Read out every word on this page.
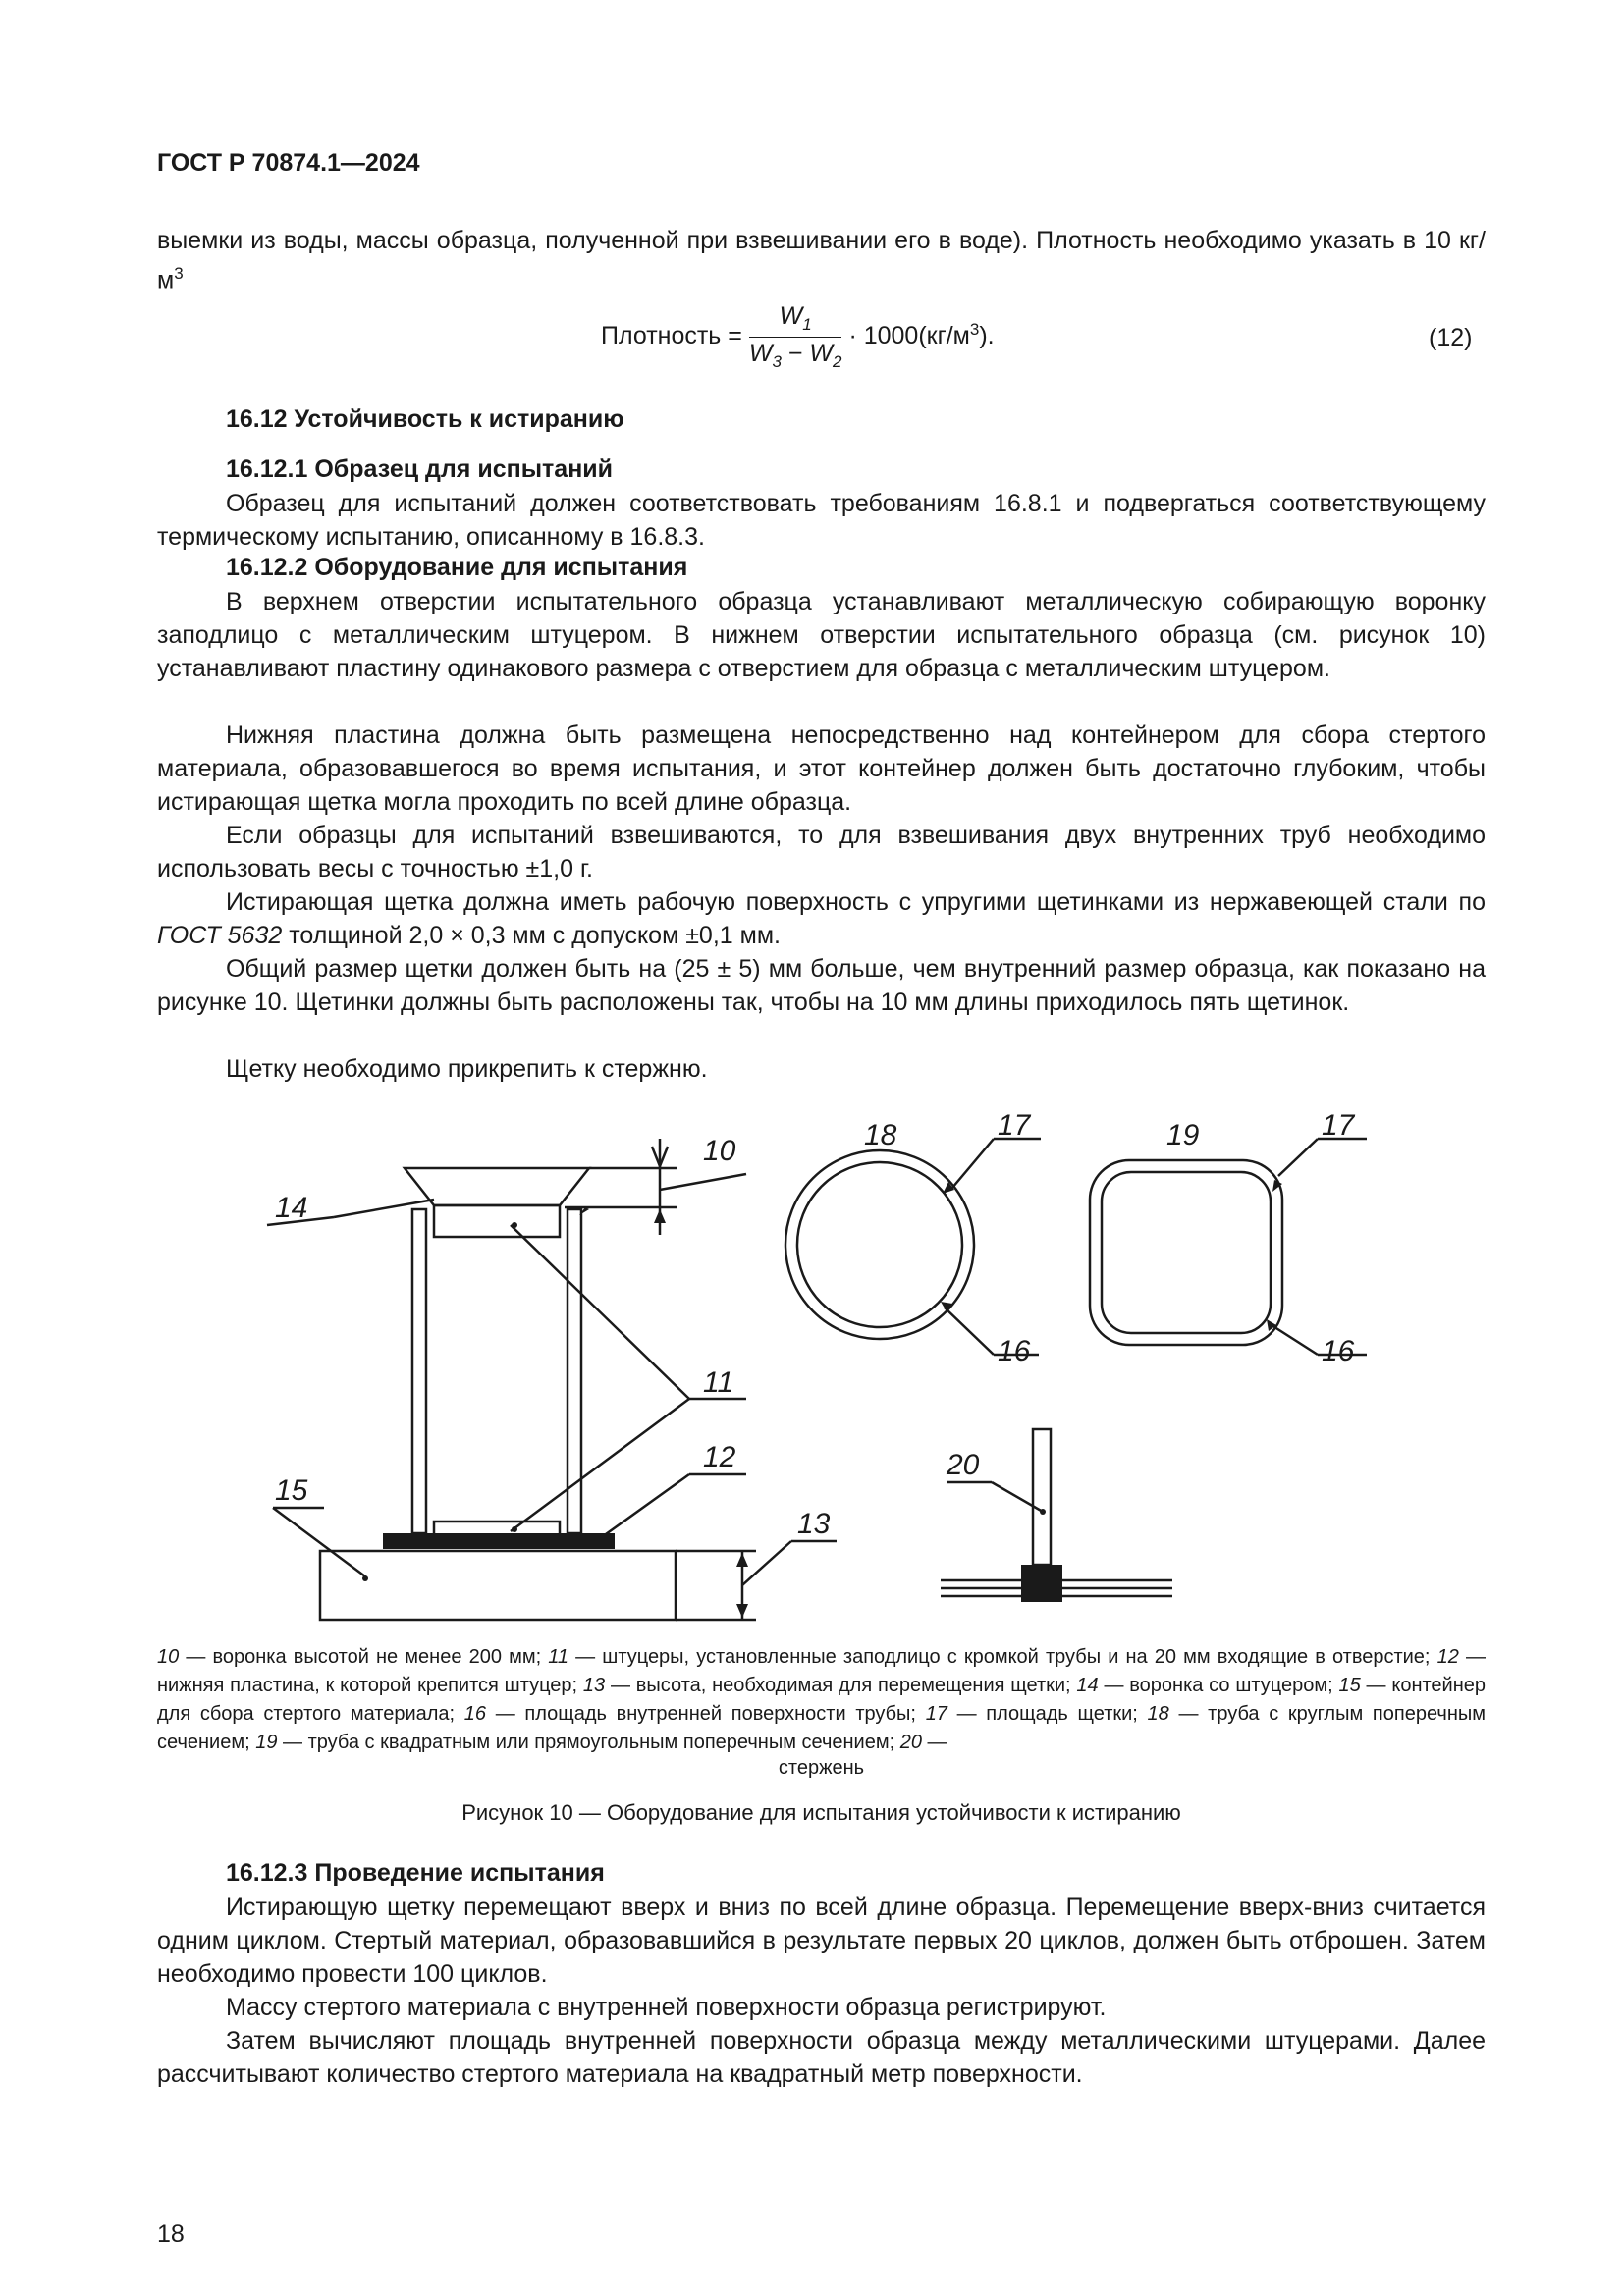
ГОСТ Р 70874.1—2024
выемки из воды, массы образца, полученной при взвешивании его в воде). Плотность необходимо указать в 10 $кг/м^3$
Плотность = $\frac{W_1}{W_3 - W_2} \cdot 1000(кг/м^3)$.	(12)
16.12 Устойчивость к истиранию
16.12.1 Образец для испытаний
Образец для испытаний должен соответствовать требованиям 16.8.1 и подвергаться соответствующему термическому испытанию, описанному в 16.8.3.
16.12.2 Оборудование для испытания
В верхнем отверстии испытательного образца устанавливают металлическую собирающую воронку заподлицо с металлическим штуцером. В нижнем отверстии испытательного образца (см. рисунок 10) устанавливают пластину одинакового размера с отверстием для образца с металлическим штуцером.
Нижняя пластина должна быть размещена непосредственно над контейнером для сбора стертого материала, образовавшегося во время испытания, и этот контейнер должен быть достаточно глубоким, чтобы истирающая щетка могла проходить по всей длине образца.
Если образцы для испытаний взвешиваются, то для взвешивания двух внутренних труб необходимо использовать весы с точностью ±1,0 г.
Истирающая щетка должна иметь рабочую поверхность с упругими щетинками из нержавеющей стали по ГОСТ 5632 толщиной 2,0 × 0,3 мм с допуском ±0,1 мм.
Общий размер щетки должен быть на (25 ± 5) мм больше, чем внутренний размер образца, как показано на рисунке 10. Щетинки должны быть расположены так, чтобы на 10 мм длины приходилось пять щетинок.
Щетку необходимо прикрепить к стержню.
10
11
12
13
14
15
16	16
17	17
18	19
20
10 — воронка высотой не менее 200 мм; 11 — штуцеры, установленные заподлицо с кромкой трубы и на 20 мм входящие в отверстие; 12 — нижняя пластина, к которой крепится штуцер; 13 — высота, необходимая для перемещения щетки; 14 — воронка со штуцером; 15 — контейнер для сбора стертого материала; 16 — площадь внутренней поверхности трубы; 17 — площадь щетки; 18 — труба с круглым поперечным сечением; 19 — труба с квадратным или прямоугольным поперечным сечением; 20 —
стержень
Рисунок 10 — Оборудование для испытания устойчивости к истиранию
16.12.3 Проведение испытания
Истирающую щетку перемещают вверх и вниз по всей длине образца. Перемещение вверх-вниз считается одним циклом. Стертый материал, образовавшийся в результате первых 20 циклов, должен быть отброшен. Затем необходимо провести 100 циклов.
Массу стертого материала с внутренней поверхности образца регистрируют.
Затем вычисляют площадь внутренней поверхности образца между металлическими штуцерами. Далее рассчитывают количество стертого материала на квадратный метр поверхности.
18
